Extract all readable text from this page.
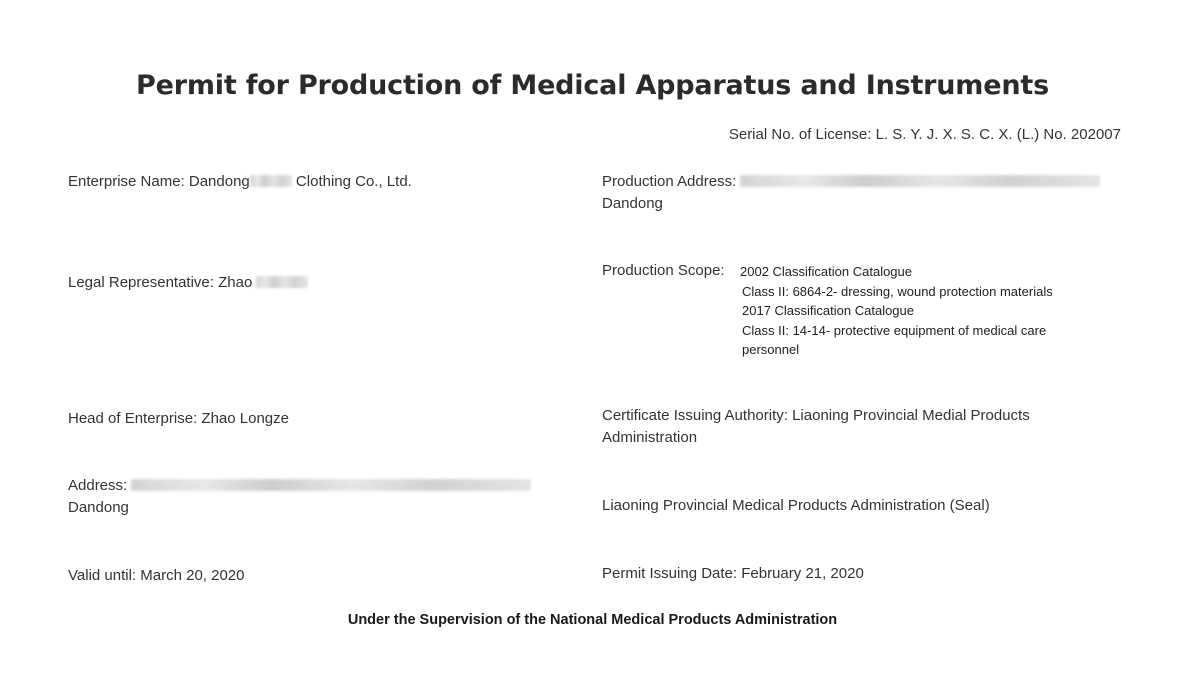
Permit for Production of Medical Apparatus and Instruments
Serial No. of License: L. S. Y. J. X. S. C. X. (L.) No. 202007
Enterprise Name: Dandong	Clothing Co., Ltd.
Legal Representative: Zhao
Head of Enterprise: Zhao Longze
Address:
Dandong
Valid until: March 20, 2020
Production Address:
Dandong
Production Scope: 2002 Classification Catalogue
Class II: 6864-2- dressing, wound protection materials
2017 Classification Catalogue
Class II: 14-14- protective equipment of medical care
personnel
Certificate Issuing Authority: Liaoning Provincial Medial Products
Administration
Liaoning Provincial Medical Products Administration (Seal)
Permit Issuing Date: February 21, 2020
Under the Supervision of the National Medical Products Administration
